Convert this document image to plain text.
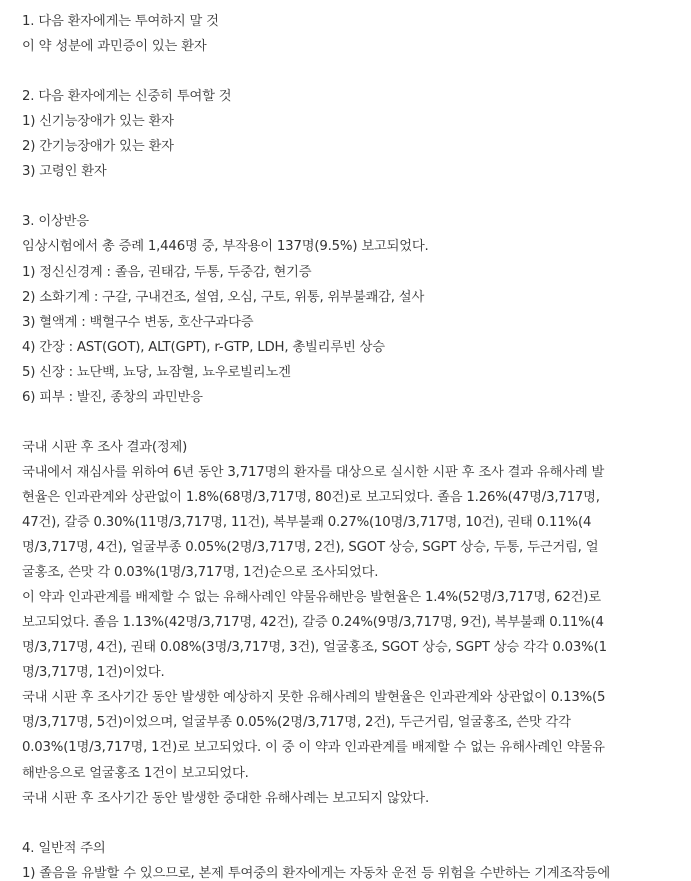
1. 다음 환자에게는 투여하지 말 것
이 약 성분에 과민증이 있는 환자
2. 다음 환자에게는 신중히 투여할 것
1) 신기능장애가 있는 환자
2) 간기능장애가 있는 환자
3) 고령인 환자
3. 이상반응
임상시험에서 총 증례 1,446명 중, 부작용이 137명(9.5%) 보고되었다.
1) 정신신경계 : 졸음, 권태감, 두통, 두중감, 현기증
2) 소화기계 : 구갈, 구내건조, 설염, 오심, 구토, 위통, 위부불쾌감, 설사
3) 혈액계 : 백혈구수 변동, 호산구과다증
4) 간장 : AST(GOT), ALT(GPT), r-GTP, LDH, 총빌리루빈 상승
5) 신장 : 뇨단백, 뇨당, 뇨잠혈, 뇨우로빌리노겐
6) 피부 : 발진, 종창의 과민반응
국내 시판 후 조사 결과(정제)
국내에서 재심사를 위하여 6년 동안 3,717명의 환자를 대상으로 실시한 시판 후 조사 결과 유해사례 발
현율은 인과관계와 상관없이 1.8%(68명/3,717명, 80건)로 보고되었다. 졸음 1.26%(47명/3,717명,
47건), 갈증 0.30%(11명/3,717명, 11건), 복부불쾌 0.27%(10명/3,717명, 10건), 권태 0.11%(4
명/3,717명, 4건), 얼굴부종 0.05%(2명/3,717명, 2건), SGOT 상승, SGPT 상승, 두통, 두근거림, 얼
굴홍조, 쓴맛 각 0.03%(1명/3,717명, 1건)순으로 조사되었다.
이 약과 인과관계를 배제할 수 없는 유해사례인 약물유해반응 발현율은 1.4%(52명/3,717명, 62건)로
보고되었다. 졸음 1.13%(42명/3,717명, 42건), 갈증 0.24%(9명/3,717명, 9건), 복부불쾌 0.11%(4
명/3,717명, 4건), 권태 0.08%(3명/3,717명, 3건), 얼굴홍조, SGOT 상승, SGPT 상승 각각 0.03%(1
명/3,717명, 1건)이었다.
국내 시판 후 조사기간 동안 발생한 예상하지 못한 유해사례의 발현율은 인과관계와 상관없이 0.13%(5
명/3,717명, 5건)이었으며, 얼굴부종 0.05%(2명/3,717명, 2건), 두근거림, 얼굴홍조, 쓴맛 각각
0.03%(1명/3,717명, 1건)로 보고되었다. 이 중 이 약과 인과관계를 배제할 수 없는 유해사례인 약물유
해반응으로 얼굴홍조 1건이 보고되었다.
국내 시판 후 조사기간 동안 발생한 중대한 유해사례는 보고되지 않았다.
4. 일반적 주의
1) 졸음을 유발할 수 있으므로, 본제 투여중의 환자에게는 자동차 운전 등 위험을 수반하는 기계조작등에
